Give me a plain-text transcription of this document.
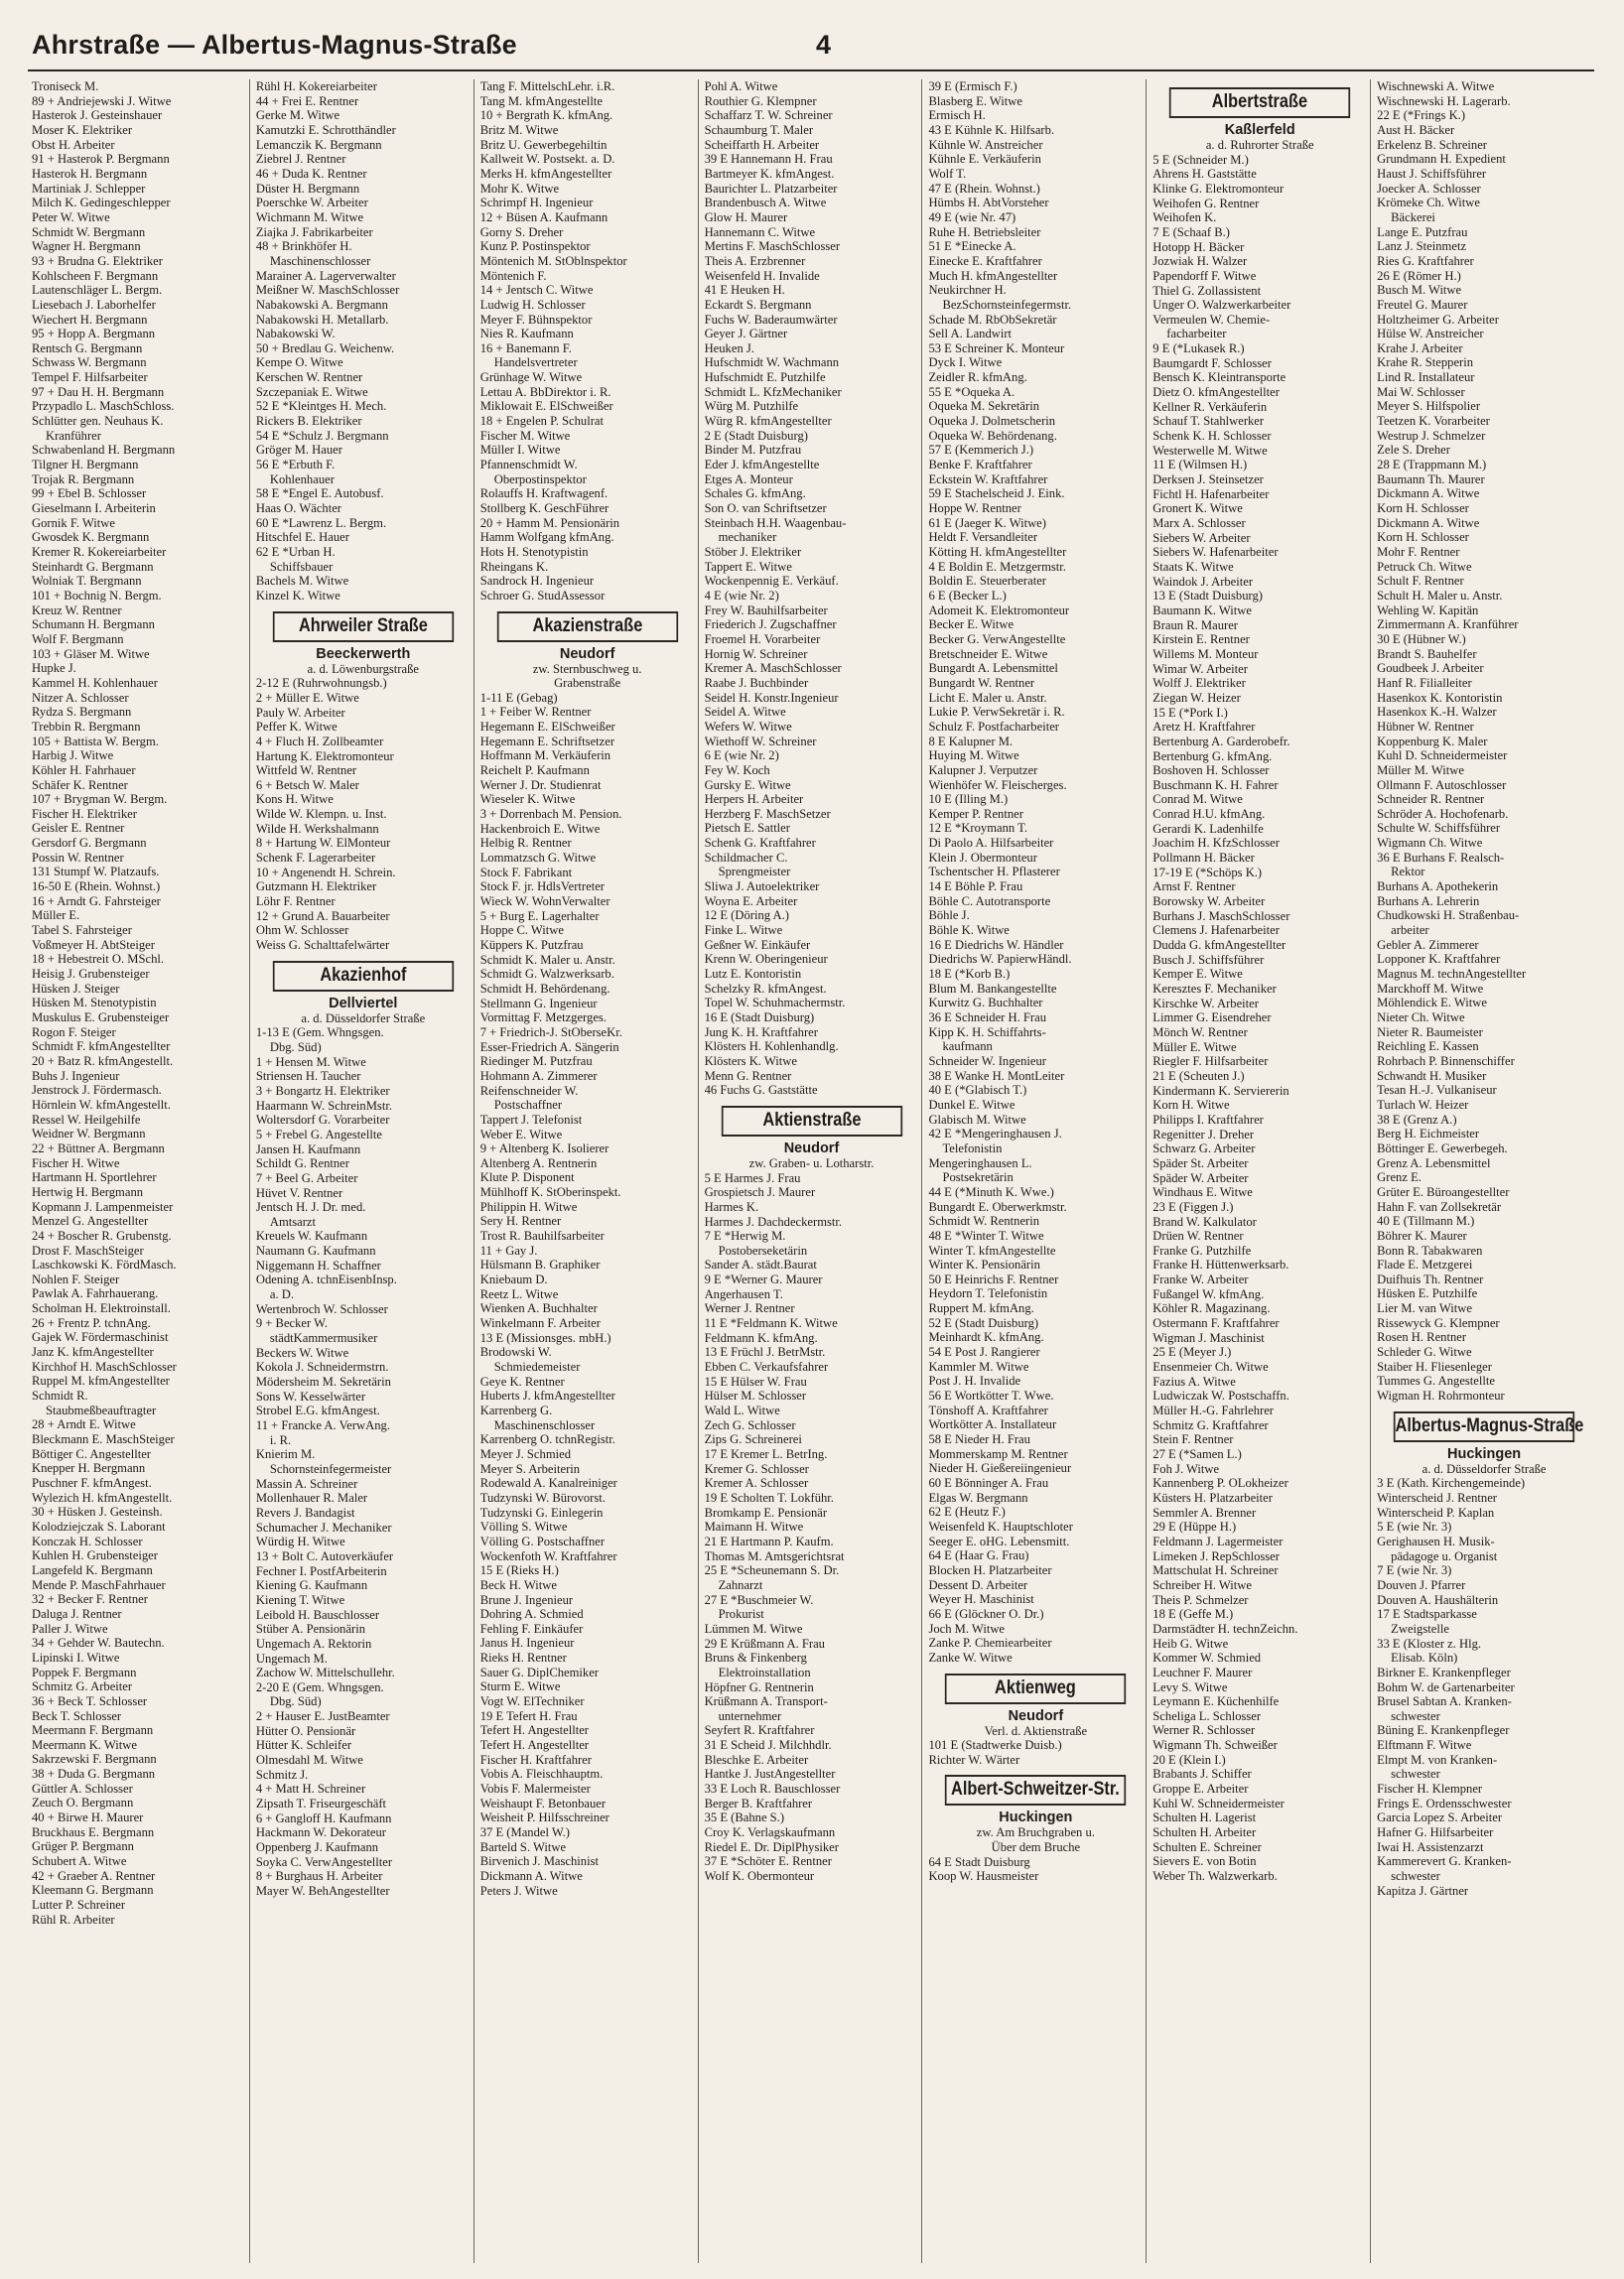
Ahrstraße — Albertus-Magnus-Straße	4
Troniseck M.
89 + Andriejewski J. Witwe
Hasterok J. Gesteinshauer
Moser K. Elektriker
Obst H. Arbeiter
91 + Hasterok P. Bergmann
Hasterok H. Bergmann
Martiniak J. Schlepper
Milch K. Gedingeschlepper
Peter W. Witwe
Schmidt W. Bergmann
Wagner H. Bergmann
93 + Brudna G. Elektriker
Kohlscheen F. Bergmann
Lautenschläger L. Bergm.
Liesebach J. Laborhelfer
Wiechert H. Bergmann
95 + Hopp A. Bergmann
Rentsch G. Bergmann
Schwass W. Bergmann
Tempel F. Hilfsarbeiter
97 + Dau H. H. Bergmann
Przypadlo L. MaschSchloss.
Schlütter gen. Neuhaus K.
Kranführer
Schwabenland H. Bergmann
Tilgner H. Bergmann
Trojak R. Bergmann
99 + Ebel B. Schlosser
Gieselmann I. Arbeiterin
Gornik F. Witwe
Gwosdek K. Bergmann
Kremer R. Kokereiarbeiter
Steinhardt G. Bergmann
Wolniak T. Bergmann
101 + Bochnig N. Bergm.
Kreuz W. Rentner
Schumann H. Bergmann
Wolf F. Bergmann
103 + Gläser M. Witwe
Hupke J.
Kammel H. Kohlenhauer
Nitzer A. Schlosser
Rydza S. Bergmann
Trebbin R. Bergmann
105 + Battista W. Bergm.
Harbig J. Witwe
Köhler H. Fahrhauer
Schäfer K. Rentner
107 + Brygman W. Bergm.
Fischer H. Elektriker
Geisler E. Rentner
Gersdorf G. Bergmann
Possin W. Rentner
131 Stumpf W. Platzaufs.
16-50 E (Rhein. Wohnst.)
16 + Arndt G. Fahrsteiger
Müller E.
Tabel S. Fahrsteiger
Voßmeyer H. AbtSteiger
18 + Hebestreit O. MSchl.
Heisig J. Grubensteiger
Hüsken J. Steiger
Hüsken M. Stenotypistin
Muskulus E. Grubensteiger
Rogon F. Steiger
Schmidt F. kfmAngestellter
20 + Batz R. kfmAngestellt.
Buhs J. Ingenieur
Jenstrock J. Fördermasch.
Hörnlein W. kfmAngestellt.
Ressel W. Heilgehilfe
Weidner W. Bergmann
22 + Büttner A. Bergmann
Fischer H. Witwe
Hartmann H. Sportlehrer
Hertwig H. Bergmann
Kopmann J. Lampenmeister
Menzel G. Angestellter
24 + Boscher R. Grubenstg.
Drost F. MaschSteiger
Laschkowski K. FördMasch.
Nohlen F. Steiger
Pawlak A. Fahrhauerang.
Scholman H. Elektroinstall.
26 + Frentz P. tchnAng.
Gajek W. Fördermaschinist
Janz K. kfmAngestellter
Kirchhof H. MaschSchlosser
Ruppel M. kfmAngestellter
Schmidt R.
Staubmeßbeauftragter
28 + Arndt E. Witwe
Bleckmann E. MaschSteiger
Böttiger C. Angestellter
Knepper H. Bergmann
Puschner F. kfmAngest.
Wylezich H. kfmAngestellt.
30 + Hüsken J. Gesteinsh.
Kolodziejczak S. Laborant
Konczak H. Schlosser
Kuhlen H. Grubensteiger
Langefeld K. Bergmann
Mende P. MaschFahrhauer
32 + Becker F. Rentner
Daluga J. Rentner
Paller J. Witwe
34 + Gehder W. Bautechn.
Lipinski I. Witwe
Poppek F. Bergmann
Schmitz G. Arbeiter
36 + Beck T. Schlosser
Beck T. Schlosser
Meermann F. Bergmann
Meermann K. Witwe
Sakrzewski F. Bergmann
38 + Duda G. Bergmann
Güttler A. Schlosser
Zeuch O. Bergmann
40 + Birwe H. Maurer
Bruckhaus E. Bergmann
Grüger P. Bergmann
Schubert A. Witwe
42 + Graeber A. Rentner
Kleemann G. Bergmann
Lutter P. Schreiner
Rühl R. Arbeiter
Rühl H. Kokereiarbeiter
44 + Frei E. Rentner
Gerke M. Witwe
Kamutzki E. Schrotthändler
Lemanczik K. Bergmann
Ziebrel J. Rentner
46 + Duda K. Rentner
Düster H. Bergmann
Poerschke W. Arbeiter
Wichmann M. Witwe
Ziajka J. Fabrikarbeiter
48 + Brinkhöfer H.
Maschinenschlosser
Marainer A. Lagerverwalter
Meißner W. MaschSchlosser
Nabakowski A. Bergmann
Nabakowski H. Metallarb.
Nabakowski W.
50 + Bredlau G. Weichenw.
Kempe O. Witwe
Kerschen W. Rentner
Szczepaniak E. Witwe
52 E *Kleintges H. Mech.
Rickers B. Elektriker
54 E *Schulz J. Bergmann
Gröger M. Hauer
56 E *Erbuth F.
Kohlenhauer
58 E *Engel E. Autobusf.
Haas O. Wächter
60 E *Lawrenz L. Bergm.
Hitschfel E. Hauer
62 E *Urban H.
Schiffsbauer
Bachels M. Witwe
Kinzel K. Witwe
Ahrweiler Straße
Beeckerwerth
a. d. Löwenburgstraße
2-12 E (Ruhrwohnungsb.)
2 + Müller E. Witwe
Pauly W. Arbeiter
Peffer K. Witwe
4 + Fluch H. Zollbeamter
Hartung K. Elektromonteur
Wittfeld W. Rentner
6 + Betsch W. Maler
Kons H. Witwe
Wilde W. Klempn. u. Inst.
Wilde H. Werkshalmann
8 + Hartung W. ElMonteur
Schenk F. Lagerarbeiter
10 + Angenendt H. Schrein.
Gutzmann H. Elektriker
Löhr F. Rentner
12 + Grund A. Bauarbeiter
Ohm W. Schlosser
Weiss G. Schalttafelwärter
Akazienhof
Dellviertel
a. d. Düsseldorfer Straße
1-13 E (Gem. Whngsgen.
Dbg. Süd)
1 + Hensen M. Witwe
Striensen H. Taucher
3 + Bongartz H. Elektriker
Haarmann W. SchreinMstr.
Woltersdorf G. Vorarbeiter
5 + Frebel G. Angestellte
Jansen H. Kaufmann
Schildt G. Rentner
7 + Beel G. Arbeiter
Hüvet V. Rentner
Jentsch H. J. Dr. med.
Amtsarzt
Kreuels W. Kaufmann
Naumann G. Kaufmann
Niggemann H. Schaffner
Odening A. tchnEisenbInsp.
a. D.
Wertenbroch W. Schlosser
9 + Becker W.
städtKammermusiker
Beckers W. Witwe
Kokola J. Schneidermstrn.
Mödersheim M. Sekretärin
Sons W. Kesselwärter
Strobel E.G. kfmAngest.
11 + Francke A. VerwAng.
i. R.
Knierim M.
Schornsteinfegermeister
Massin A. Schreiner
Mollenhauer R. Maler
Revers J. Bandagist
Schumacher J. Mechaniker
Würdig H. Witwe
13 + Bolt C. Autoverkäufer
Fechner I. PostfArbeiterin
Kiening G. Kaufmann
Kiening T. Witwe
Leibold H. Bauschlosser
Stüber A. Pensionärin
Ungemach A. Rektorin
Ungemach M.
Zachow W. Mittelschullehr.
2-20 E (Gem. Whngsgen.
Dbg. Süd)
2 + Hauser E. JustBeamter
Hütter O. Pensionär
Hütter K. Schleifer
Olmesdahl M. Witwe
Schmitz J.
4 + Matt H. Schreiner
Zipsath T. Friseurgeschäft
6 + Gangloff H. Kaufmann
Hackmann W. Dekorateur
Oppenberg J. Kaufmann
Soyka C. VerwAngestellter
8 + Burghaus H. Arbeiter
Mayer W. BehAngestellter
Tang F. MittelschLehr. i.R.
Tang M. kfmAngestellte
10 + Bergrath K. kfmAng.
Britz M. Witwe
Britz U. Gewerbegehiltin
Kallweit W. Postsekt. a. D.
Merks H. kfmAngestellter
Mohr K. Witwe
Schrimpf H. Ingenieur
12 + Büsen A. Kaufmann
Gorny S. Dreher
Kunz P. Postinspektor
Möntenich M. StOblnspektor
Möntenich F.
14 + Jentsch C. Witwe
Ludwig H. Schlosser
Meyer F. Bühnspektor
Nies R. Kaufmann
16 + Banemann F.
Handelsvertreter
Grünhage W. Witwe
Lettau A. BbDirektor i. R.
Miklowait E. ElSchweißer
18 + Engelen P. Schulrat
Fischer M. Witwe
Müller I. Witwe
Pfannenschmidt W.
Oberpostinspektor
Rolauffs H. Kraftwagenf.
Stollberg K. GeschFührer
20 + Hamm M. Pensionärin
Hamm Wolfgang kfmAng.
Hots H. Stenotypistin
Rheingans K.
Sandrock H. Ingenieur
Schroer G. StudAssessor
Akazienstraße
Neudorf
zw. Sternbuschweg u.
Grabenstraße
1-11 E (Gebag)
1 + Feiber W. Rentner
Hegemann E. ElSchweißer
Hegemann E. Schriftsetzer
Hoffmann M. Verkäuferin
Reichelt P. Kaufmann
Werner J. Dr. Studienrat
Wieseler K. Witwe
3 + Dorrenbach M. Pension.
Hackenbroich E. Witwe
Helbig R. Rentner
Lommatzsch G. Witwe
Stock F. Fabrikant
Stock F. jr. HdlsVertreter
Wieck W. WohnVerwalter
5 + Burg E. Lagerhalter
Hoppe C. Witwe
Küppers K. Putzfrau
Schmidt K. Maler u. Anstr.
Schmidt G. Walzwerksarb.
Schmidt H. Behördenang.
Stellmann G. Ingenieur
Vormittag F. Metzgerges.
7 + Friedrich-J. StOberseKr.
Esser-Friedrich A. Sängerin
Riedinger M. Putzfrau
Hohmann A. Zimmerer
Reifenschneider W.
Postschaffner
Tappert J. Telefonist
Weber E. Witwe
9 + Altenberg K. Isolierer
Altenberg A. Rentnerin
Klute P. Disponent
Mühlhoff K. StOberinspekt.
Philippin H. Witwe
Sery H. Rentner
Trost R. Bauhilfsarbeiter
11 + Gay J.
Hülsmann B. Graphiker
Kniebaum D.
Reetz L. Witwe
Wienken A. Buchhalter
Winkelmann F. Arbeiter
13 E (Missionsges. mbH.)
Brodowski W.
Schmiedemeister
Geye K. Rentner
Huberts J. kfmAngestellter
Karrenberg G.
Maschinenschlosser
Karrenberg O. tchnRegistr.
Meyer J. Schmied
Meyer S. Arbeiterin
Rodewald A. Kanalreiniger
Tudzynski W. Bürovorst.
Tudzynski G. Einlegerin
Völling S. Witwe
Völling G. Postschaffner
Wockenfoth W. Kraftfahrer
15 E (Rieks H.)
Beck H. Witwe
Brune J. Ingenieur
Dohring A. Schmied
Fehling F. Einkäufer
Janus H. Ingenieur
Rieks H. Rentner
Sauer G. DiplChemiker
Sturm E. Witwe
Vogt W. ElTechniker
19 E Tefert H. Frau
Tefert H. Angestellter
Tefert H. Angestellter
Fischer H. Kraftfahrer
Vobis A. Fleischhauptm.
Vobis F. Malermeister
Weishaupt F. Betonbauer
Weisheit P. Hilfsschreiner
37 E (Mandel W.)
Barteld S. Witwe
Birvenich J. Maschinist
Dickmann A. Witwe
Peters J. Witwe
Pohl A. Witwe
Routhier G. Klempner
Schaffarz T. W. Schreiner
Schaumburg T. Maler
Scheiffarth H. Arbeiter
39 E Hannemann H. Frau
Bartmeyer K. kfmAngest.
Baurichter L. Platzarbeiter
Brandenbusch A. Witwe
Glow H. Maurer
Hannemann C. Witwe
Mertins F. MaschSchlosser
Theis A. Erzbrenner
Weisenfeld H. Invalide
41 E Heuken H.
Eckardt S. Bergmann
Fuchs W. Baderaumwärter
Geyer J. Gärtner
Heuken J.
Hufschmidt W. Wachmann
Hufschmidt E. Putzhilfe
Schmidt L. KfzMechaniker
Würg M. Putzhilfe
Würg R. kfmAngestellter
2 E (Stadt Duisburg)
Binder M. Putzfrau
Eder J. kfmAngestellte
Etges A. Monteur
Schales G. kfmAng.
Son O. van Schriftsetzer
Steinbach H.H. Waagenbau-
mechaniker
Stöber J. Elektriker
Tappert E. Witwe
Wockenpennig E. Verkäuf.
4 E (wie Nr. 2)
Frey W. Bauhilfsarbeiter
Friederich J. Zugschaffner
Froemel H. Vorarbeiter
Hornig W. Schreiner
Kremer A. MaschSchlosser
Raabe J. Buchbinder
Seidel H. Konstr.Ingenieur
Seidel A. Witwe
Wefers W. Witwe
Wiethoff W. Schreiner
6 E (wie Nr. 2)
Fey W. Koch
Gursky E. Witwe
Herpers H. Arbeiter
Herzberg F. MaschSetzer
Pietsch E. Sattler
Schenk G. Kraftfahrer
Schildmacher C.
Sprengmeister
Sliwa J. Autoelektriker
Woyna E. Arbeiter
12 E (Döring A.)
Finke L. Witwe
Geßner W. Einkäufer
Krenn W. Oberingenieur
Lutz E. Kontoristin
Schelzky R. kfmAngest.
Topel W. Schuhmachermstr.
16 E (Stadt Duisburg)
Jung K. H. Kraftfahrer
Klösters H. Kohlenhandlg.
Klösters K. Witwe
Menn G. Rentner
46 Fuchs G. Gaststätte
Aktienstraße
Neudorf
zw. Graben- u. Lotharstr.
5 E Harmes J. Frau
Grospietsch J. Maurer
Harmes K.
Harmes J. Dachdeckermstr.
7 E *Herwig M.
Postoberseketärin
Sander A. städt.Baurat
9 E *Werner G. Maurer
Angerhausen T.
Werner J. Rentner
11 E *Feldmann K. Witwe
Feldmann K. kfmAng.
13 E Früchl J. BetrMstr.
Ebben C. Verkaufsfahrer
15 E Hülser W. Frau
Hülser M. Schlosser
Wald L. Witwe
Zech G. Schlosser
Zips G. Schreinerei
17 E Kremer L. BetrIng.
Kremer G. Schlosser
Kremer A. Schlosser
19 E Scholten T. Lokführ.
Bromkamp E. Pensionär
Maimann H. Witwe
21 E Hartmann P. Kaufm.
Thomas M. Amtsgerichtsrat
25 E *Scheunemann S. Dr.
Zahnarzt
27 E *Buschmeier W.
Prokurist
Lümmen M. Witwe
29 E Krüßmann A. Frau
Bruns & Finkenberg
Elektroinstallation
Höpfner G. Rentnerin
Krüßmann A. Transport-
unternehmer
Seyfert R. Kraftfahrer
31 E Scheid J. Milchhdlr.
Bleschke E. Arbeiter
Hantke J. JustAngestellter
33 E Loch R. Bauschlosser
Berger B. Kraftfahrer
35 E (Bahne S.)
Croy K. Verlagskaufmann
Riedel E. Dr. DiplPhysiker
37 E *Schöter E. Rentner
Wolf K. Obermonteur
39 E (Ermisch F.)
Blasberg E. Witwe
Ermisch H.
43 E Kühnle K. Hilfsarb.
Kühnle W. Anstreicher
Kühnle E. Verkäuferin
Wolf T.
47 E (Rhein. Wohnst.)
Hümbs H. AbtVorsteher
49 E (wie Nr. 47)
Ruhe H. Betriebsleiter
51 E *Einecke A.
Einecke E. Kraftfahrer
Much H. kfmAngestellter
Neukirchner H.
BezSchornsteinfegermstr.
Schade M. RbObSekretär
Sell A. Landwirt
53 E Schreiner K. Monteur
Dyck I. Witwe
Zeidler R. kfmAng.
55 E *Oqueka A.
Oqueka M. Sekretärin
Oqueka J. Dolmetscherin
Oqueka W. Behördenang.
57 E (Kemmerich J.)
Benke F. Kraftfahrer
Eckstein W. Kraftfahrer
59 E Stachelscheid J. Eink.
Hoppe W. Rentner
61 E (Jaeger K. Witwe)
Heldt F. Versandleiter
Kötting H. kfmAngestellter
4 E Boldin E. Metzgermstr.
Boldin E. Steuerberater
6 E (Becker L.)
Adomeit K. Elektromonteur
Becker E. Witwe
Becker G. VerwAngestellte
Bretschneider E. Witwe
Bungardt A. Lebensmittel
Bungardt W. Rentner
Licht E. Maler u. Anstr.
Lukie P. VerwSekretär i. R.
Schulz F. Postfacharbeiter
8 E Kalupner M.
Huying M. Witwe
Kalupner J. Verputzer
Wienhöfer W. Fleischerges.
10 E (Illing M.)
Kemper P. Rentner
12 E *Kroymann T.
Di Paolo A. Hilfsarbeiter
Klein J. Obermonteur
Tschentscher H. Pflasterer
14 E Böhle P. Frau
Böhle C. Autotransporte
Böhle J.
Böhle K. Witwe
16 E Diedrichs W. Händler
Diedrichs W. PapierwHändl.
18 E (*Korb B.)
Blum M. Bankangestellte
Kurwitz G. Buchhalter
36 E Schneider H. Frau
Kipp K. H. Schiffahrts-
kaufmann
Schneider W. Ingenieur
38 E Wanke H. MontLeiter
40 E (*Glabisch T.)
Dunkel E. Witwe
Glabisch M. Witwe
42 E *Mengeringhausen J.
Telefonistin
Mengeringhausen L.
Postsekretärin
44 E (*Minuth K. Wwe.)
Bungardt E. Oberwerkmstr.
Schmidt W. Rentnerin
48 E *Winter T. Witwe
Winter T. kfmAngestellte
Winter K. Pensionärin
50 E Heinrichs F. Rentner
Heydorn T. Telefonistin
Ruppert M. kfmAng.
52 E (Stadt Duisburg)
Meinhardt K. kfmAng.
54 E Post J. Rangierer
Kammler M. Witwe
Post J. H. Invalide
56 E Wortkötter T. Wwe.
Tönshoff A. Kraftfahrer
Wortkötter A. Installateur
58 E Nieder H. Frau
Mommerskamp M. Rentner
Nieder H. Gießereiingenieur
60 E Bönninger A. Frau
Elgas W. Bergmann
62 E (Heutz F.)
Weisenfeld K. Hauptschloter
Seeger E. oHG. Lebensmitt.
64 E (Haar G. Frau)
Blocken H. Platzarbeiter
Dessent D. Arbeiter
Weyer H. Maschinist
66 E (Glöckner O. Dr.)
Joch M. Witwe
Zanke P. Chemiearbeiter
Zanke W. Witwe
Aktienweg
Neudorf
Verl. d. Aktienstraße
101 E (Stadtwerke Duisb.)
Richter W. Wärter
Albert-Schweitzer-Str.
Huckingen
zw. Am Bruchgraben u.
Über dem Bruche
64 E Stadt Duisburg
Koop W. Hausmeister
Albertstraße
Kaßlerfeld
a. d. Ruhrorter Straße
5 E (Schneider M.)
Ahrens H. Gaststätte
Klinke G. Elektromonteur
Weihofen G. Rentner
Weihofen K.
7 E (Schaaf B.)
Hotopp H. Bäcker
Jozwiak H. Walzer
Papendorff F. Witwe
Thiel G. Zollassistent
Unger O. Walzwerkarbeiter
Vermeulen W. Chemie-
facharbeiter
9 E (*Lukasek R.)
Baumgardt F. Schlosser
Bensch K. Kleintransporte
Dietz O. kfmAngestellter
Kellner R. Verkäuferin
Schauf T. Stahlwerker
Schenk K. H. Schlosser
Westerwelle M. Witwe
11 E (Wilmsen H.)
Derksen J. Steinsetzer
Fichtl H. Hafenarbeiter
Gronert K. Witwe
Marx A. Schlosser
Siebers W. Arbeiter
Siebers W. Hafenarbeiter
Staats K. Witwe
Waindok J. Arbeiter
13 E (Stadt Duisburg)
Baumann K. Witwe
Braun R. Maurer
Kirstein E. Rentner
Willems M. Monteur
Wimar W. Arbeiter
Wolff J. Elektriker
Ziegan W. Heizer
15 E (*Pork I.)
Aretz H. Kraftfahrer
Bertenburg A. Garderobefr.
Bertenburg G. kfmAng.
Boshoven H. Schlosser
Buschmann K. H. Fahrer
Conrad M. Witwe
Conrad H.U. kfmAng.
Gerardi K. Ladenhilfe
Joachim H. KfzSchlosser
Pollmann H. Bäcker
17-19 E (*Schöps K.)
Arnst F. Rentner
Borowsky W. Arbeiter
Burhans J. MaschSchlosser
Clemens J. Hafenarbeiter
Dudda G. kfmAngestellter
Busch J. Schiffsführer
Kemper E. Witwe
Keresztes F. Mechaniker
Kirschke W. Arbeiter
Limmer G. Eisendreher
Mönch W. Rentner
Müller E. Witwe
Riegler F. Hilfsarbeiter
21 E (Scheuten J.)
Kindermann K. Serviererin
Korn H. Witwe
Philipps I. Kraftfahrer
Regenitter J. Dreher
Schwarz G. Arbeiter
Späder St. Arbeiter
Späder W. Arbeiter
Windhaus E. Witwe
23 E (Figgen J.)
Brand W. Kalkulator
Drüen W. Rentner
Franke G. Putzhilfe
Franke H. Hüttenwerksarb.
Franke W. Arbeiter
Fußangel W. kfmAng.
Köhler R. Magazinang.
Ostermann F. Kraftfahrer
Wigman J. Maschinist
25 E (Meyer J.)
Ensenmeier Ch. Witwe
Fazius A. Witwe
Ludwiczak W. Postschaffn.
Müller H.-G. Fahrlehrer
Schmitz G. Kraftfahrer
Stein F. Rentner
27 E (*Samen L.)
Foh J. Witwe
Kannenberg P. OLokheizer
Küsters H. Platzarbeiter
Semmler A. Brenner
29 E (Hüppe H.)
Feldmann J. Lagermeister
Limeken J. RepSchlosser
Mattschulat H. Schreiner
Schreiber H. Witwe
Theis P. Schmelzer
18 E (Geffe M.)
Darmstädter H. technZeichn.
Heib G. Witwe
Kommer W. Schmied
Leuchner F. Maurer
Levy S. Witwe
Leymann E. Küchenhilfe
Scheliga L. Schlosser
Werner R. Schlosser
Wigmann Th. Schweißer
20 E (Klein I.)
Brabants J. Schiffer
Groppe E. Arbeiter
Kuhl W. Schneidermeister
Schulten H. Lagerist
Schulten H. Arbeiter
Schulten E. Schreiner
Sievers E. von Botin
Weber Th. Walzwerkarb.
Wischnewski A. Witwe
Wischnewski H. Lagerarb.
22 E (*Frings K.)
Aust H. Bäcker
Erkelenz B. Schreiner
Grundmann H. Expedient
Haust J. Schiffsführer
Joecker A. Schlosser
Krömeke Ch. Witwe
Bäckerei
Lange E. Putzfrau
Lanz J. Steinmetz
Ries G. Kraftfahrer
26 E (Römer H.)
Busch M. Witwe
Freutel G. Maurer
Holtzheimer G. Arbeiter
Hülse W. Anstreicher
Krahe J. Arbeiter
Krahe R. Stepperin
Lind R. Installateur
Mai W. Schlosser
Meyer S. Hilfspolier
Teetzen K. Vorarbeiter
Westrup J. Schmelzer
Zele S. Dreher
28 E (Trappmann M.)
Baumann Th. Maurer
Dickmann A. Witwe
Korn H. Schlosser
Dickmann A. Witwe
Korn H. Schlosser
Mohr F. Rentner
Petruck Ch. Witwe
Schult F. Rentner
Schult H. Maler u. Anstr.
Wehling W. Kapitän
Zimmermann A. Kranführer
30 E (Hübner W.)
Brandt S. Bauhelfer
Goudbeek J. Arbeiter
Hanf R. Filialleiter
Hasenkox K. Kontoristin
Hasenkox K.-H. Walzer
Hübner W. Rentner
Koppenburg K. Maler
Kuhl D. Schneidermeister
Müller M. Witwe
Ollmann F. Autoschlosser
Schneider R. Rentner
Schröder A. Hochofenarb.
Schulte W. Schiffsführer
Wigmann Ch. Witwe
36 E Burhans F. Realsch-
Rektor
Burhans A. Apothekerin
Burhans A. Lehrerin
Chudkowski H. Straßenbau-
arbeiter
Gebler A. Zimmerer
Lopponer K. Kraftfahrer
Magnus M. technAngestellter
Marckhoff M. Witwe
Möhlendick E. Witwe
Nieter Ch. Witwe
Nieter R. Baumeister
Reichling E. Kassen
Rohrbach P. Binnenschiffer
Schwandt H. Musiker
Tesan H.-J. Vulkaniseur
Turlach W. Heizer
38 E (Grenz A.)
Berg H. Eichmeister
Böttinger E. Gewerbegeh.
Grenz A. Lebensmittel
Grenz E.
Grüter E. Büroangestellter
Hahn F. van Zollsekretär
40 E (Tillmann M.)
Böhrer K. Maurer
Bonn R. Tabakwaren
Flade E. Metzgerei
Duifhuis Th. Rentner
Hüsken E. Putzhilfe
Lier M. van Witwe
Rissewyck G. Klempner
Rosen H. Rentner
Schleder G. Witwe
Staiber H. Fliesenleger
Tummes G. Angestellte
Wigman H. Rohrmonteur
Albertus-Magnus-Straße
Huckingen
a. d. Düsseldorfer Straße
3 E (Kath. Kirchengemeinde)
Winterscheid J. Rentner
Winterscheid P. Kaplan
5 E (wie Nr. 3)
Gerighausen H. Musik-
pädagoge u. Organist
7 E (wie Nr. 3)
Douven J. Pfarrer
Douven A. Haushälterin
17 E Stadtsparkasse
Zweigstelle
33 E (Kloster z. Hlg.
Elisab. Köln)
Birkner E. Krankenpfleger
Bohm W. de Gartenarbeiter
Brusel Sabtan A. Kranken-
schwester
Büning E. Krankenpfleger
Elftmann F. Witwe
Elmpt M. von Kranken-
schwester
Fischer H. Klempner
Frings E. Ordensschwester
Garcia Lopez S. Arbeiter
Hafner G. Hilfsarbeiter
Iwai H. Assistenzarzt
Kammerevert G. Kranken-
schwester
Kapitza J. Gärtner
